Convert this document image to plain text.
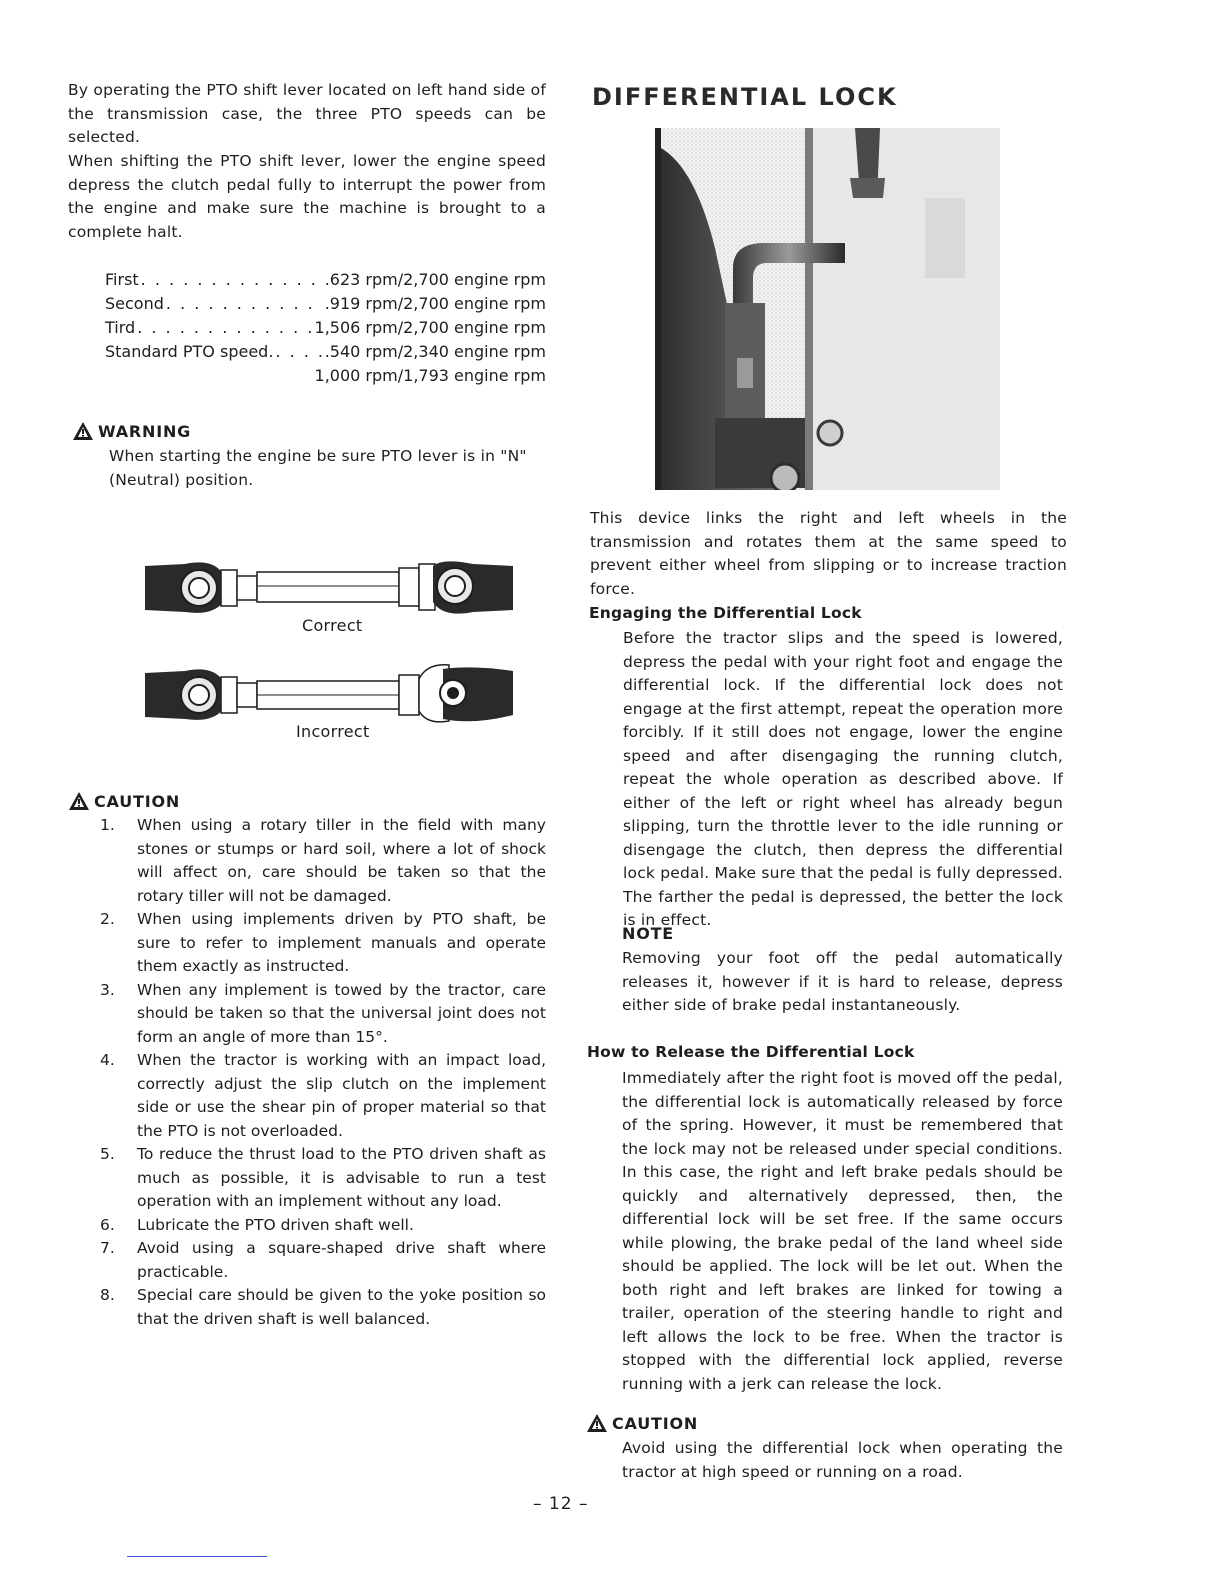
By operating the PTO shift lever located on left hand side of the transmission case, the three PTO speeds can be selected.

When shifting the PTO shift lever, lower the engine speed depress the clutch pedal fully to interrupt the power from the engine and make sure the machine is brought to a complete halt.

First . . .	.623 rpm/2,700 engine rpm
Second . . .	.919 rpm/2,700 engine rpm
Tird . . .	1,506 rpm/2,700 engine rpm
Standard PTO speed. . . .	.540 rpm/2,340 engine rpm
1,000 rpm/1,793 engine rpm
WARNING

When starting the engine be sure PTO lever is in "N" (Neutral) position.

Correct
Incorrect
CAUTION
1. When using a rotary tiller in the field with many stones or stumps or hard soil, where a lot of shock will affect on, care should be taken so that the rotary tiller will not be damaged.
2. When using implements driven by PTO shaft, be sure to refer to implement manuals and operate them exactly as instructed.
3. When any implement is towed by the tractor, care should be taken so that the universal joint does not form an angle of more than 15°.
4. When the tractor is working with an impact load, correctly adjust the slip clutch on the implement side or use the shear pin of proper material so that the PTO is not overloaded.
5. To reduce the thrust load to the PTO driven shaft as much as possible, it is advisable to run a test operation with an implement without any load.
6. Lubricate the PTO driven shaft well.
7. Avoid using a square-shaped drive shaft where practicable.
8. Special care should be given to the yoke position so that the driven shaft is well balanced.
DIFFERENTIAL LOCK

This device links the right and left wheels in the transmission and rotates them at the same speed to prevent either wheel from slipping or to increase traction force.

Engaging the Differential Lock

Before the tractor slips and the speed is lowered, depress the pedal with your right foot and engage the differential lock. If the differential lock does not engage at the first attempt, repeat the operation more forcibly. If it still does not engage, lower the engine speed and after disengaging the running clutch, repeat the whole operation as described above. If either of the left or right wheel has already begun slipping, turn the throttle lever to the idle running or disengage the clutch, then depress the differential lock pedal. Make sure that the pedal is fully depressed. The farther the pedal is depressed, the better the lock is in effect.

NOTE

Removing your foot off the pedal automatically releases it, however if it is hard to release, depress either side of brake pedal instantaneously.

How to Release the Differential Lock

Immediately after the right foot is moved off the pedal, the differential lock is automatically released by force of the spring. However, it must be remembered that the lock may not be released under special conditions. In this case, the right and left brake pedals should be quickly and alternatively depressed, then, the differential lock will be set free. If the same occurs while plowing, the brake pedal of the land wheel side should be applied. The lock will be let out. When the both right and left brakes are linked for towing a trailer, operation of the steering handle to right and left allows the lock to be free. When the tractor is stopped with the differential lock applied, reverse running with a jerk can release the lock.

CAUTION

Avoid using the differential lock when operating the tractor at high speed or running on a road.

– 12 –
